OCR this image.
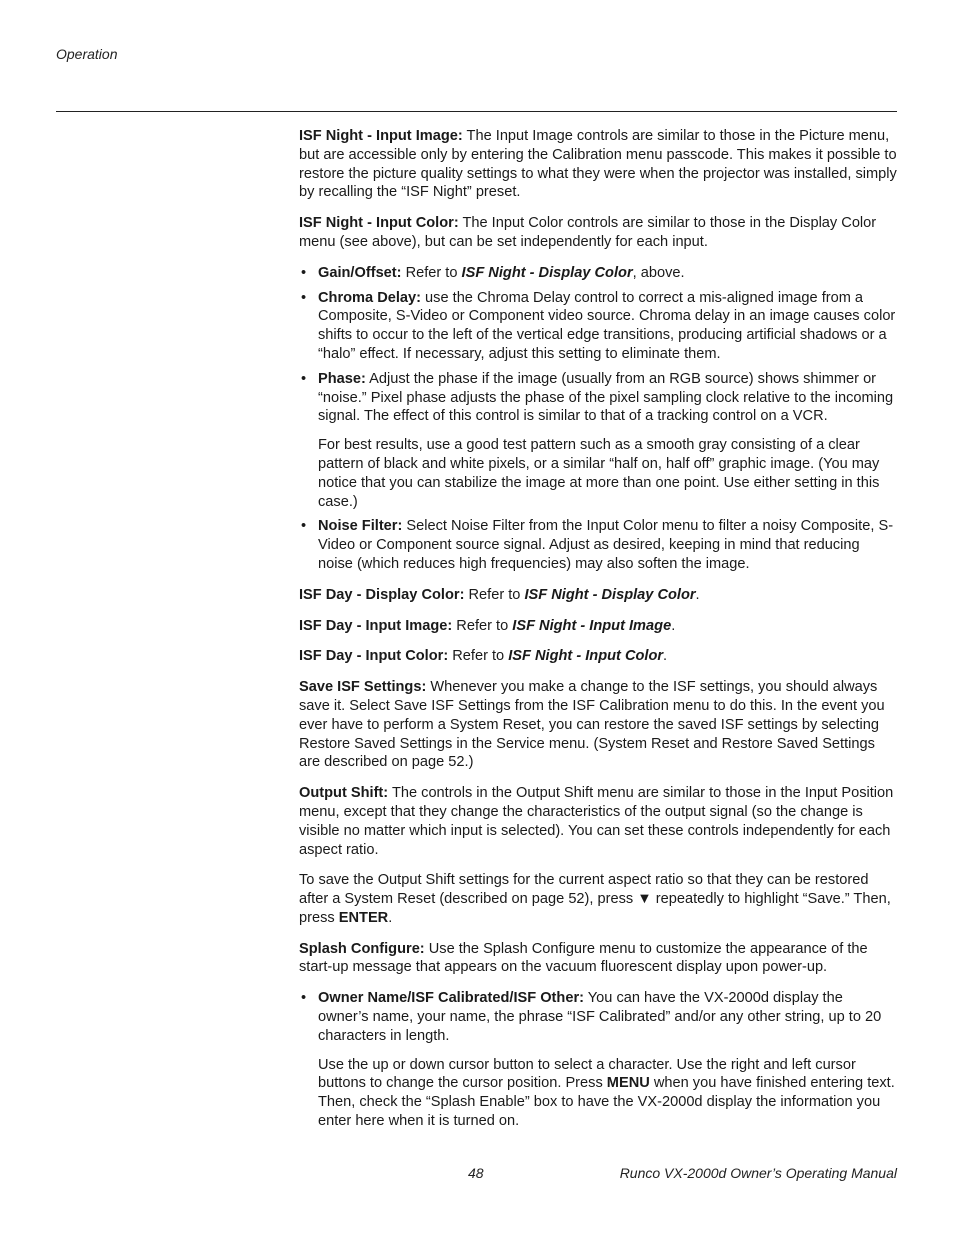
Operation

ISF Night - Input Image: The Input Image controls are similar to those in the Picture menu, but are accessible only by entering the Calibration menu passcode. This makes it possible to restore the picture quality settings to what they were when the projector was installed, simply by recalling the “ISF Night” preset.

ISF Night - Input Color: The Input Color controls are similar to those in the Display Color menu (see above), but can be set independently for each input.

• Gain/Offset: Refer to ISF Night - Display Color, above.
• Chroma Delay: use the Chroma Delay control to correct a mis-aligned image from a Composite, S-Video or Component video source. Chroma delay in an image causes color shifts to occur to the left of the vertical edge transitions, producing artificial shadows or a “halo” effect. If necessary, adjust this setting to eliminate them.
• Phase: Adjust the phase if the image (usually from an RGB source) shows shimmer or “noise.” Pixel phase adjusts the phase of the pixel sampling clock relative to the incoming signal. The effect of this control is similar to that of a tracking control on a VCR.
For best results, use a good test pattern such as a smooth gray consisting of a clear pattern of black and white pixels, or a similar “half on, half off” graphic image. (You may notice that you can stabilize the image at more than one point. Use either setting in this case.)
• Noise Filter: Select Noise Filter from the Input Color menu to filter a noisy Composite, S-Video or Component source signal. Adjust as desired, keeping in mind that reducing noise (which reduces high frequencies) may also soften the image.

ISF Day - Display Color: Refer to ISF Night - Display Color.

ISF Day - Input Image: Refer to ISF Night - Input Image.

ISF Day - Input Color: Refer to ISF Night - Input Color.

Save ISF Settings: Whenever you make a change to the ISF settings, you should always save it. Select Save ISF Settings from the ISF Calibration menu to do this. In the event you ever have to perform a System Reset, you can restore the saved ISF settings by selecting Restore Saved Settings in the Service menu. (System Reset and Restore Saved Settings are described on page 52.)

Output Shift: The controls in the Output Shift menu are similar to those in the Input Position menu, except that they change the characteristics of the output signal (so the change is visible no matter which input is selected). You can set these controls independently for each aspect ratio.

To save the Output Shift settings for the current aspect ratio so that they can be restored after a System Reset (described on page 52), press ▼ repeatedly to highlight “Save.” Then, press ENTER.

Splash Configure: Use the Splash Configure menu to customize the appearance of the start-up message that appears on the vacuum fluorescent display upon power-up.

• Owner Name/ISF Calibrated/ISF Other: You can have the VX-2000d display the owner’s name, your name, the phrase “ISF Calibrated” and/or any other string, up to 20 characters in length.
Use the up or down cursor button to select a character. Use the right and left cursor buttons to change the cursor position. Press MENU when you have finished entering text. Then, check the “Splash Enable” box to have the VX-2000d display the information you enter here when it is turned on.
48	Runco VX-2000d Owner’s Operating Manual
